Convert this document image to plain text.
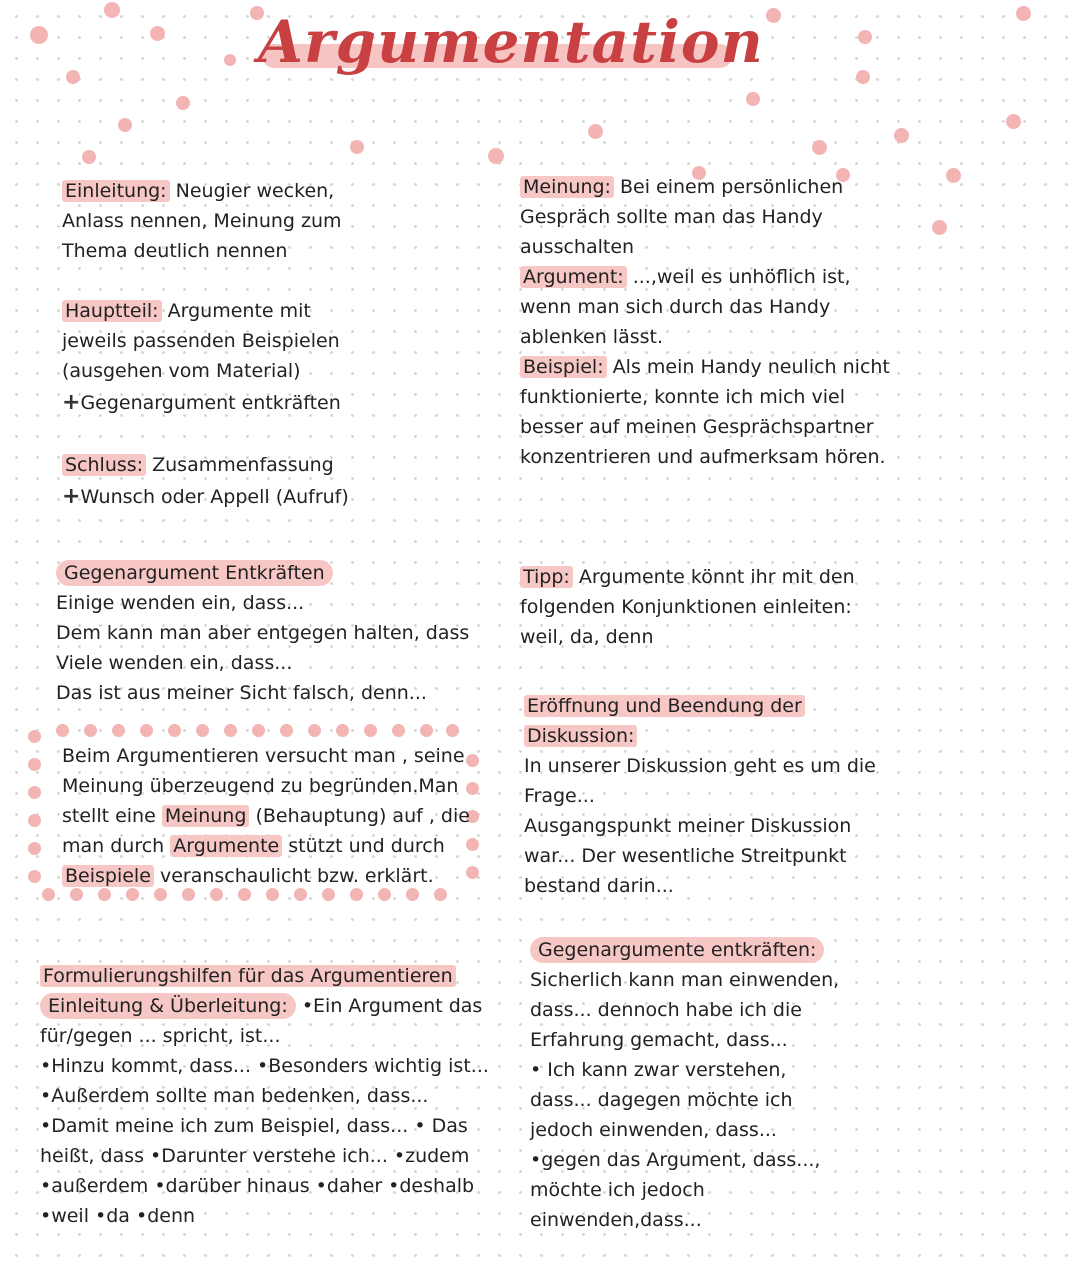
Argumentation
Einleitung: Neugier wecken,
Anlass nennen, Meinung zum
Thema deutlich nennen
Hauptteil: Argumente mit
jeweils passenden Beispielen
(ausgehen vom Material)
+Gegenargument entkräften
Schluss: Zusammenfassung
+Wunsch oder Appell (Aufruf)
Gegenargument Entkräften
Einige wenden ein, dass...
Dem kann man aber entgegen halten, dass
Viele wenden ein, dass...
Das ist aus meiner Sicht falsch, denn...
Beim Argumentieren versucht man , seine
Meinung überzeugend zu begründen.Man
stellt eine Meinung (Behauptung) auf , die
man durch Argumente stützt und durch
Beispiele veranschaulicht bzw. erklärt.
Formulierungshilfen für das Argumentieren
Einleitung & Überleitung: •Ein Argument das
für/gegen ... spricht, ist...
•Hinzu kommt, dass... •Besonders wichtig ist...
•Außerdem sollte man bedenken, dass...
•Damit meine ich zum Beispiel, dass... • Das
heißt, dass •Darunter verstehe ich... •zudem
•außerdem •darüber hinaus •daher •deshalb
•weil •da •denn
Meinung: Bei einem persönlichen
Gespräch sollte man das Handy
ausschalten
Argument: ...,weil es unhöflich ist,
wenn man sich durch das Handy
ablenken lässt.
Beispiel: Als mein Handy neulich nicht
funktionierte, konnte ich mich viel
besser auf meinen Gesprächspartner
konzentrieren und aufmerksam hören.
Tipp: Argumente könnt ihr mit den
folgenden Konjunktionen einleiten:
weil, da, denn
Eröffnung und Beendung der
Diskussion:
In unserer Diskussion geht es um die
Frage...
Ausgangspunkt meiner Diskussion
war... Der wesentliche Streitpunkt
bestand darin...
Gegenargumente entkräften:
Sicherlich kann man einwenden,
dass... dennoch habe ich die
Erfahrung gemacht, dass...
• Ich kann zwar verstehen,
dass... dagegen möchte ich
jedoch einwenden, dass...
•gegen das Argument, dass...,
möchte ich jedoch
einwenden,dass...
